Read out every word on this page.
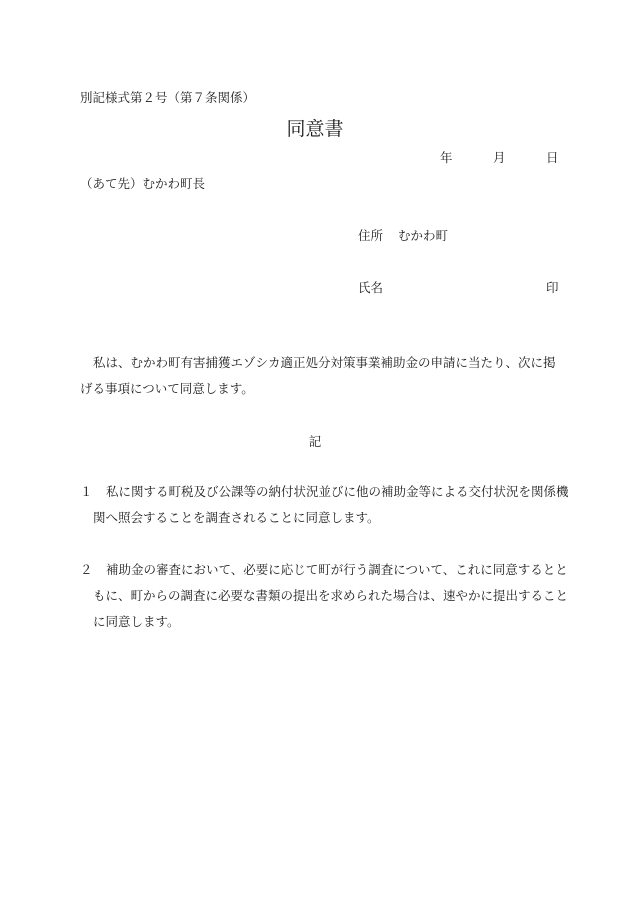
別記様式第２号（第７条関係）
同意書
年	月	日
（あて先）むかわ町長
住所 むかわ町
氏名	印
私は、むかわ町有害捕獲エゾシカ適正処分対策事業補助金の申請に当たり、次に掲げる事項について同意します。
記
１ 私に関する町税及び公課等の納付状況並びに他の補助金等による交付状況を関係機関へ照会することを調査されることに同意します。
２ 補助金の審査において、必要に応じて町が行う調査について、これに同意するとともに、町からの調査に必要な書類の提出を求められた場合は、速やかに提出することに同意します。
